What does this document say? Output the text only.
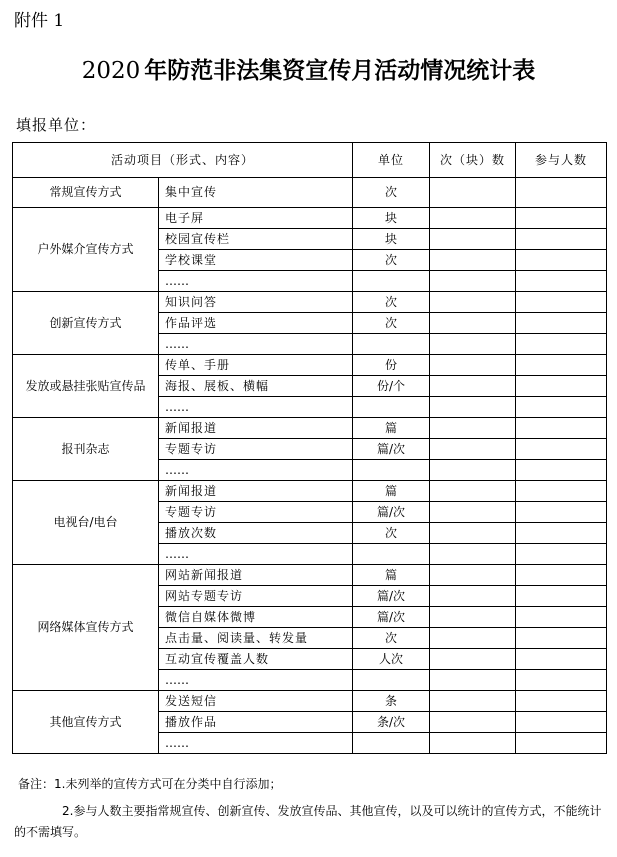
附件 1
2020 年防范非法集资宣传月活动情况统计表
填报单位：
活动项目（形式、内容）		单位	次（块）数	参与人数
常规宣传方式	集中宣传	次		
户外媒介宣传方式	电子屏	块		
	校园宣传栏	块		
	学校课堂	次		
	……			
创新宣传方式	知识问答	次		
	作品评选	次		
	……			
发放或悬挂张贴宣传品	传单、手册	份		
	海报、展板、横幅	份/个		
	……			
报刊杂志	新闻报道	篇		
	专题专访	篇/次		
	……			
电视台/电台	新闻报道	篇		
	专题专访	篇/次		
	播放次数	次		
	……			
网络媒体宣传方式	网站新闻报道	篇		
	网站专题专访	篇/次		
	微信自媒体微博	篇/次		
	点击量、阅读量、转发量	次		
	互动宣传覆盖人数	人次		
	……			
其他宣传方式	发送短信	条		
	播放作品	条/次		
	……			

备注：1.未列举的宣传方式可在分类中自行添加；

2.参与人数主要指常规宣传、创新宣传、发放宣传品、其他宣传，以及可以统计的宣传方式，不能统计的不需填写。
